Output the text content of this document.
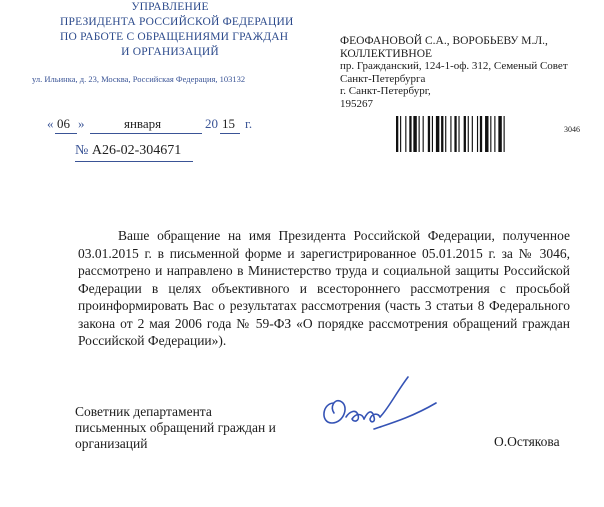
УПРАВЛЕНИЕ
ПРЕЗИДЕНТА РОССИЙСКОЙ ФЕДЕРАЦИИ
ПО РАБОТЕ С ОБРАЩЕНИЯМИ ГРАЖДАН
И ОРГАНИЗАЦИЙ
ул. Ильинка, д. 23, Москва, Российская Федерация, 103132
« 06 »	января	20 15 г.
№ А26-02-304671
ФЕОФАНОВОЙ С.А., ВОРОБЬЕВУ М.Л.,
КОЛЛЕКТИВНОЕ
пр. Гражданский, 124-1-оф. 312, Семеный Совет
Санкт-Петербурга
г. Санкт-Петербург,
195267
3046
Ваше обращение на имя Президента Российской Федерации, полученное 03.01.2015 г. в письменной форме и зарегистрированное 05.01.2015 г. за № 3046, рассмотрено и направлено в Министерство труда и социальной защиты Российской Федерации в целях объективного и всестороннего рассмотрения с просьбой проинформировать Вас о результатах рассмотрения (часть 3 статьи 8 Федерального закона от 2 мая 2006 года № 59-ФЗ «О порядке рассмотрения обращений граждан Российской Федерации»).
Советник департамента
письменных обращений граждан и
организаций	О.Остякова
